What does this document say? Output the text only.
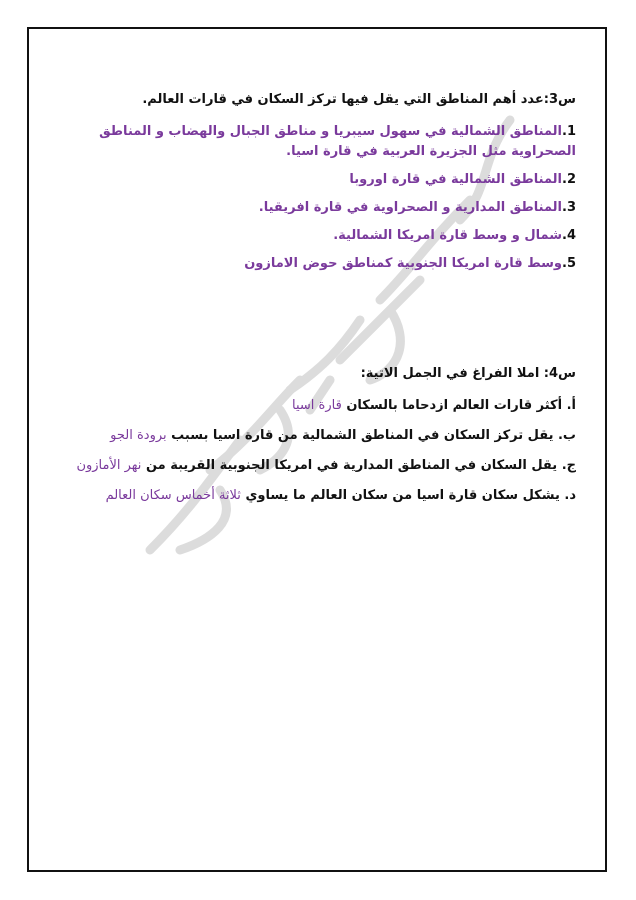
س3:عدد أهم المناطق التي يقل فيها تركز السكان في قارات العالم.

1.المناطق الشمالية في سهول سيبريا و مناطق الجبال والهضاب و المناطق الصحراوية مثل الجزيرة العربية في قارة اسيا.

2.المناطق الشمالية في قارة اوروبا

3.المناطق المدارية و الصحراوية في قارة افريقيا.

4.شمال و وسط قارة امريكا الشمالية.

5.وسط قارة امريكا الجنوبية كمناطق حوض الامازون

س4: املا الفراغ في الجمل الاتية:

أ. أكثر قارات العالم ازدحاما بالسكان قارة اسيا

ب. يقل تركز السكان في المناطق الشمالية من قارة اسيا بسبب برودة الجو

ج. يقل السكان في المناطق المدارية في امريكا الجنوبية القريبة من نهر الأمازون

د. يشكل سكان قارة اسيا من سكان العالم ما يساوي ثلاثة أخماس سكان العالم
